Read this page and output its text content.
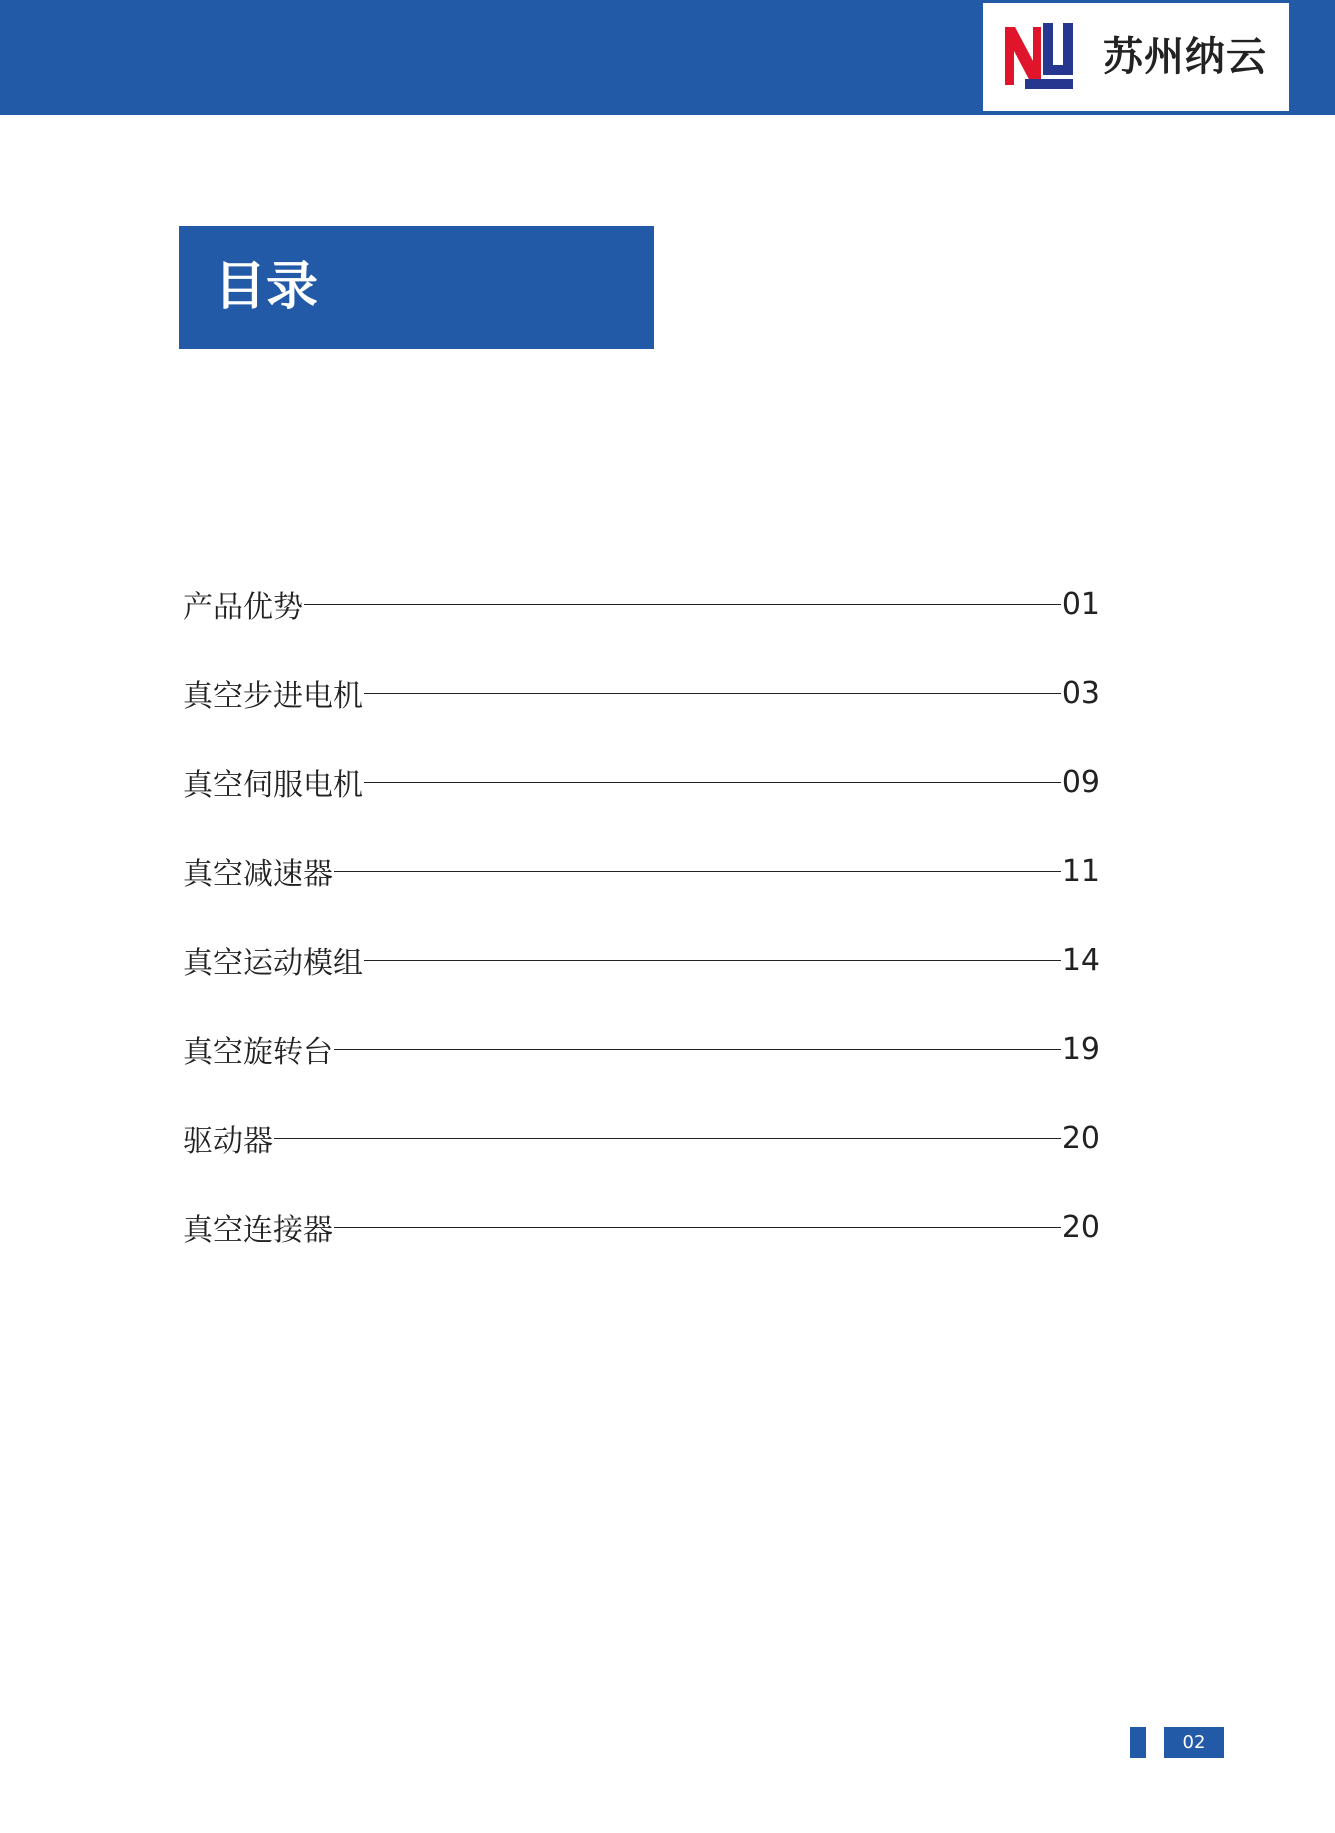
苏州纳云
目录
产品优势	01
真空步进电机	03
真空伺服电机	09
真空减速器	11
真空运动模组	14
真空旋转台	19
驱动器	20
真空连接器	20
02
